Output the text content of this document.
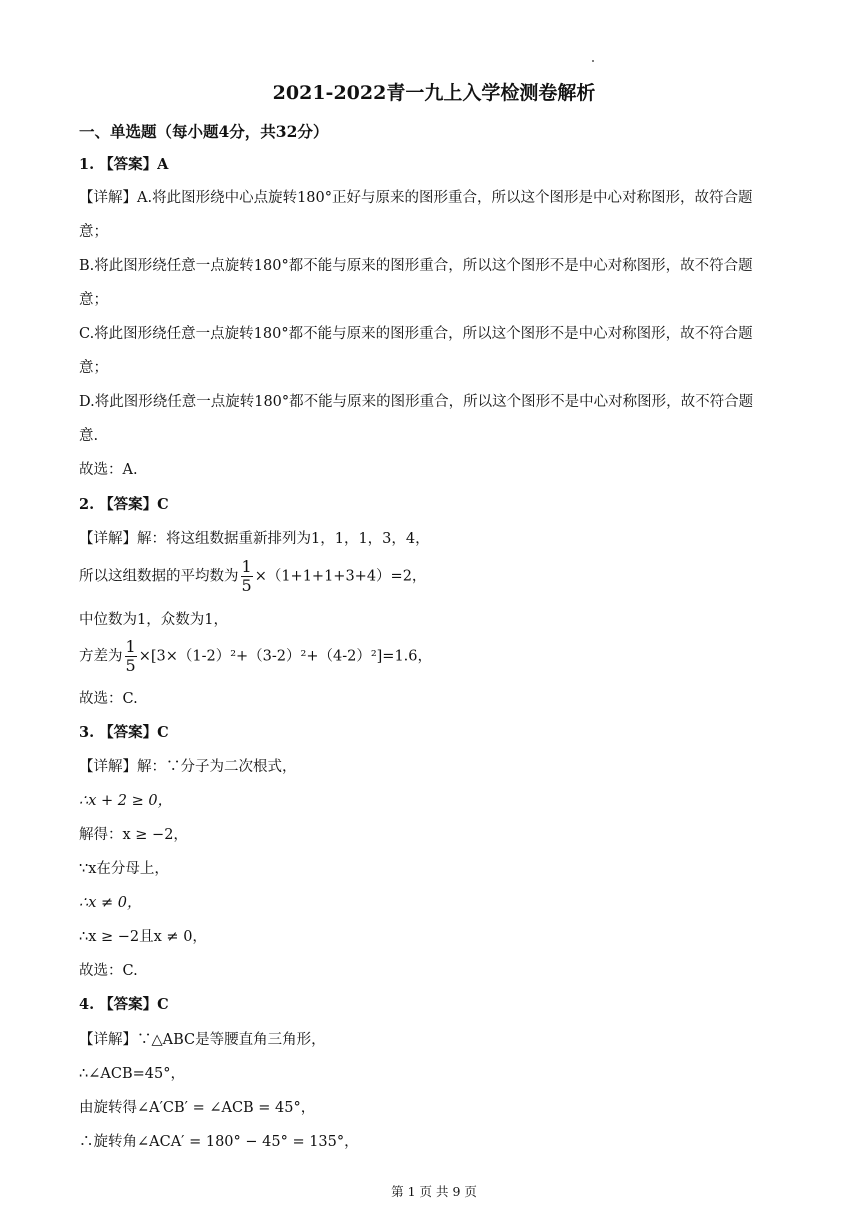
2021-2022青一九上入学检测卷解析
一、单选题（每小题4分，共32分）
1. 【答案】A
【详解】A.将此图形绕中心点旋转180°正好与原来的图形重合，所以这个图形是中心对称图形，故符合题
意；
B.将此图形绕任意一点旋转180°都不能与原来的图形重合，所以这个图形不是中心对称图形，故不符合题
意；
C.将此图形绕任意一点旋转180°都不能与原来的图形重合，所以这个图形不是中心对称图形，故不符合题
意；
D.将此图形绕任意一点旋转180°都不能与原来的图形重合，所以这个图形不是中心对称图形，故不符合题
意.
故选：A.
2. 【答案】C
【详解】解：将这组数据重新排列为1，1，1，3，4，
所以这组数据的平均数为 $\frac{1}{5} \times(1+1+1+3+4)=2$，
中位数为1，众数为1，
方差为 $\frac{1}{5} \times[3\times(1-2)^2+(3-2)^2+(4-2)^2]=1.6$，
故选：C.
3. 【答案】C
【详解】解：∵分子为二次根式，
∴x + 2 ≥ 0，
解得：x ≥ −2，
∵x在分母上，
∴x ≠ 0，
∴x ≥ −2且x ≠ 0，
故选：C.
4. 【答案】C
【详解】∵△ABC是等腰直角三角形，
∴∠ACB=45°，
由旋转得∠A′CB′ = ∠ACB = 45°，
∴旋转角∠ACA′ = 180° − 45° = 135°，
第 1 页 共 9 页
